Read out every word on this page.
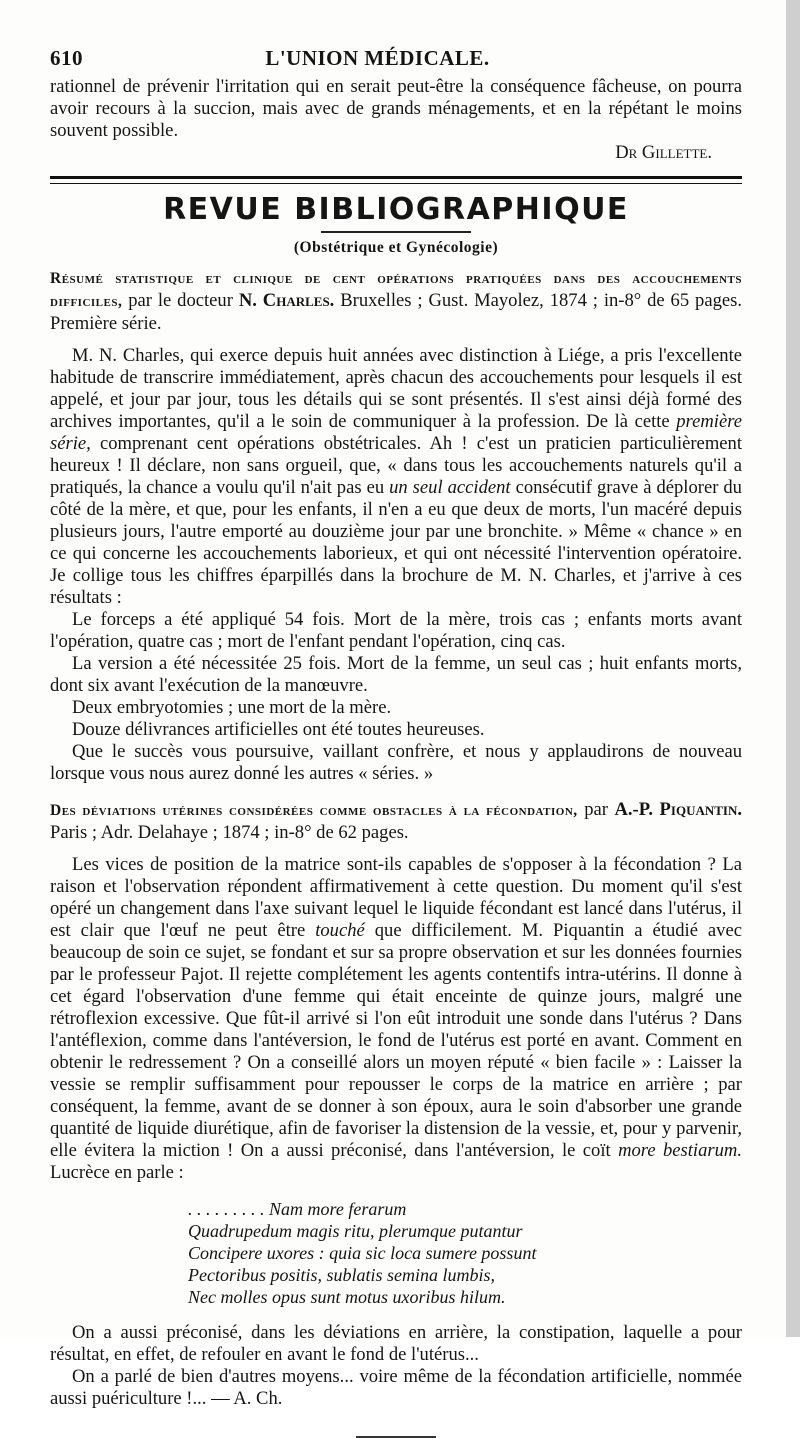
610	L'UNION MÉDICALE.

rationnel de prévenir l'irritation qui en serait peut-être la conséquence fâcheuse, on pourra avoir recours à la succion, mais avec de grands ménagements, et en la répétant le moins souvent possible.

Dr Gillette.
REVUE BIBLIOGRAPHIQUE
(Obstétrique et Gynécologie)

Résumé statistique et clinique de cent opérations pratiquées dans des accouchements difficiles, par le docteur N. Charles. Bruxelles ; Gust. Mayolez, 1874 ; in-8° de 65 pages. Première série.

M. N. Charles, qui exerce depuis huit années avec distinction à Liége, a pris l'excellente habitude de transcrire immédiatement, après chacun des accouchements pour lesquels il est appelé, et jour par jour, tous les détails qui se sont présentés. Il s'est ainsi déjà formé des archives importantes, qu'il a le soin de communiquer à la profession. De là cette première série, comprenant cent opérations obstétricales. Ah ! c'est un praticien particulièrement heureux ! Il déclare, non sans orgueil, que, « dans tous les accouchements naturels qu'il a pratiqués, la chance a voulu qu'il n'ait pas eu un seul accident consécutif grave à déplorer du côté de la mère, et que, pour les enfants, il n'en a eu que deux de morts, l'un macéré depuis plusieurs jours, l'autre emporté au douzième jour par une bronchite. » Même « chance » en ce qui concerne les accouchements laborieux, et qui ont nécessité l'intervention opératoire. Je collige tous les chiffres éparpillés dans la brochure de M. N. Charles, et j'arrive à ces résultats :

Le forceps a été appliqué 54 fois. Mort de la mère, trois cas ; enfants morts avant l'opération, quatre cas ; mort de l'enfant pendant l'opération, cinq cas.

La version a été nécessitée 25 fois. Mort de la femme, un seul cas ; huit enfants morts, dont six avant l'exécution de la manœuvre.

Deux embryotomies ; une mort de la mère.

Douze délivrances artificielles ont été toutes heureuses.

Que le succès vous poursuive, vaillant confrère, et nous y applaudirons de nouveau lorsque vous nous aurez donné les autres « séries. »

Des déviations utérines considérées comme obstacles à la fécondation, par A.-P. Piquantin. Paris ; Adr. Delahaye ; 1874 ; in-8° de 62 pages.

Les vices de position de la matrice sont-ils capables de s'opposer à la fécondation ? La raison et l'observation répondent affirmativement à cette question. Du moment qu'il s'est opéré un changement dans l'axe suivant lequel le liquide fécondant est lancé dans l'utérus, il est clair que l'œuf ne peut être touché que difficilement. M. Piquantin a étudié avec beaucoup de soin ce sujet, se fondant et sur sa propre observation et sur les données fournies par le professeur Pajot. Il rejette complétement les agents contentifs intra-utérins. Il donne à cet égard l'observation d'une femme qui était enceinte de quinze jours, malgré une rétroflexion excessive. Que fût-il arrivé si l'on eût introduit une sonde dans l'utérus ? Dans l'antéflexion, comme dans l'antéversion, le fond de l'utérus est porté en avant. Comment en obtenir le redressement ? On a conseillé alors un moyen réputé « bien facile » : Laisser la vessie se remplir suffisamment pour repousser le corps de la matrice en arrière ; par conséquent, la femme, avant de se donner à son époux, aura le soin d'absorber une grande quantité de liquide diurétique, afin de favoriser la distension de la vessie, et, pour y parvenir, elle évitera la miction ! On a aussi préconisé, dans l'antéversion, le coït more bestiarum. Lucrèce en parle :

. . . . . . . . . Nam more ferarum
Quadrupedum magis ritu, plerumque putantur
Concipere uxores : quia sic loca sumere possunt
Pectoribus positis, sublatis semina lumbis,
Nec molles opus sunt motus uxoribus hilum.

On a aussi préconisé, dans les déviations en arrière, la constipation, laquelle a pour résultat, en effet, de refouler en avant le fond de l'utérus...

On a parlé de bien d'autres moyens... voire même de la fécondation artificielle, nommée aussi puériculture !... — A. Ch.
